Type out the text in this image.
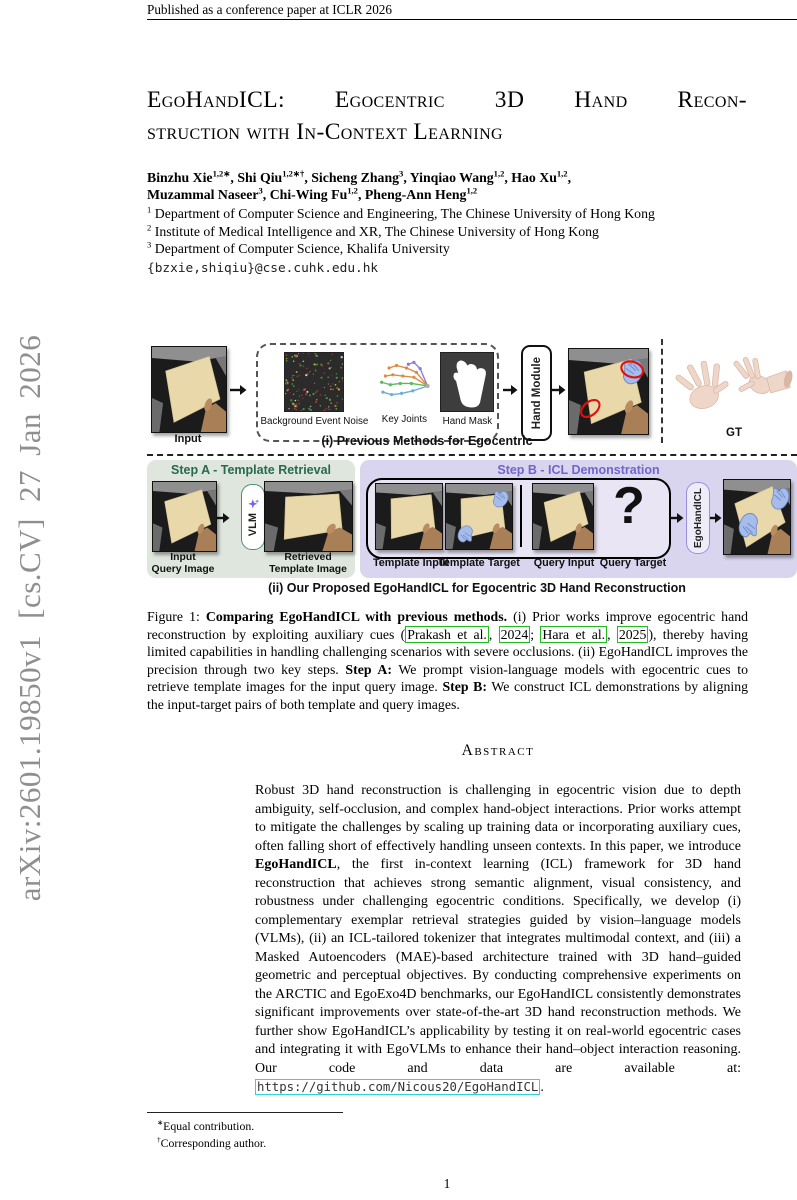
arXiv:2601.19850v1 [cs.CV] 27 Jan 2026
Published as a conference paper at ICLR 2026
EgoHandICL: Egocentric 3D Hand Recon-
struction with In-Context Learning
Binzhu Xie$^{1,2∗}$, Shi Qiu$^{1,2∗\dagger}$, Sicheng Zhang$^3$, Yinqiao Wang$^{1,2}$, Hao Xu$^{1,2}$,
Muzammal Naseer$^3$, Chi-Wing Fu$^{1,2}$, Pheng-Ann Heng$^{1,2}$
$^1$ Department of Computer Science and Engineering, The Chinese University of Hong Kong
$^2$ Institute of Medical Intelligence and XR, The Chinese University of Hong Kong
$^3$ Department of Computer Science, Khalifa University
{bzxie,shiqiu}@cse.cuhk.edu.hk
Input
Background Event Noise Key Joints Hand Mask	Hand Module
GT
(i) Previous Methods for Egocentric
Step A - Template Retrieval
VLM
Input
Query Image
Retrieved
Template Image
Step B - ICL Demonstration
?
Template Input
Template Target	Query Input Query Target
EgoHandICL
(ii) Our Proposed EgoHandICL for Egocentric 3D Hand Reconstruction
Figure 1: Comparing EgoHandICL with previous methods. (i) Prior works improve egocentric hand reconstruction by exploiting auxiliary cues ( Prakash et al. , 2024 ; Hara et al. , 2025 ), thereby having limited capabilities in handling challenging scenarios with severe occlusions. (ii) EgoHandICL improves the precision through two key steps. Step A: We prompt vision-language models with egocentric cues to retrieve template images for the input query image. Step B: We construct ICL demonstrations by aligning the input-target pairs of both template and query images.
Abstract
Robust 3D hand reconstruction is challenging in egocentric vision due to depth ambiguity, self-occlusion, and complex hand-object interactions. Prior works attempt to mitigate the challenges by scaling up training data or incorporating auxiliary cues, often falling short of effectively handling unseen contexts. In this paper, we introduce EgoHandICL, the first in-context learning (ICL) framework for 3D hand reconstruction that achieves strong semantic alignment, visual consistency, and robustness under challenging egocentric conditions. Specifically, we develop (i) complementary exemplar retrieval strategies guided by vision–language models (VLMs), (ii) an ICL-tailored tokenizer that integrates multimodal context, and (iii) a Masked Autoencoders (MAE)-based architecture trained with 3D hand–guided geometric and perceptual objectives. By conducting comprehensive experiments on the ARCTIC and EgoExo4D benchmarks, our EgoHandICL consistently demonstrates significant improvements over state-of-the-art 3D hand reconstruction methods. We further show EgoHandICL’s applicability by testing it on real-world egocentric cases and integrating it with EgoVLMs to enhance their hand–object interaction reasoning. Our code and data are available at: https://github.com/Nicous20/EgoHandICL .
∗Equal contribution.
†Corresponding author.
1
